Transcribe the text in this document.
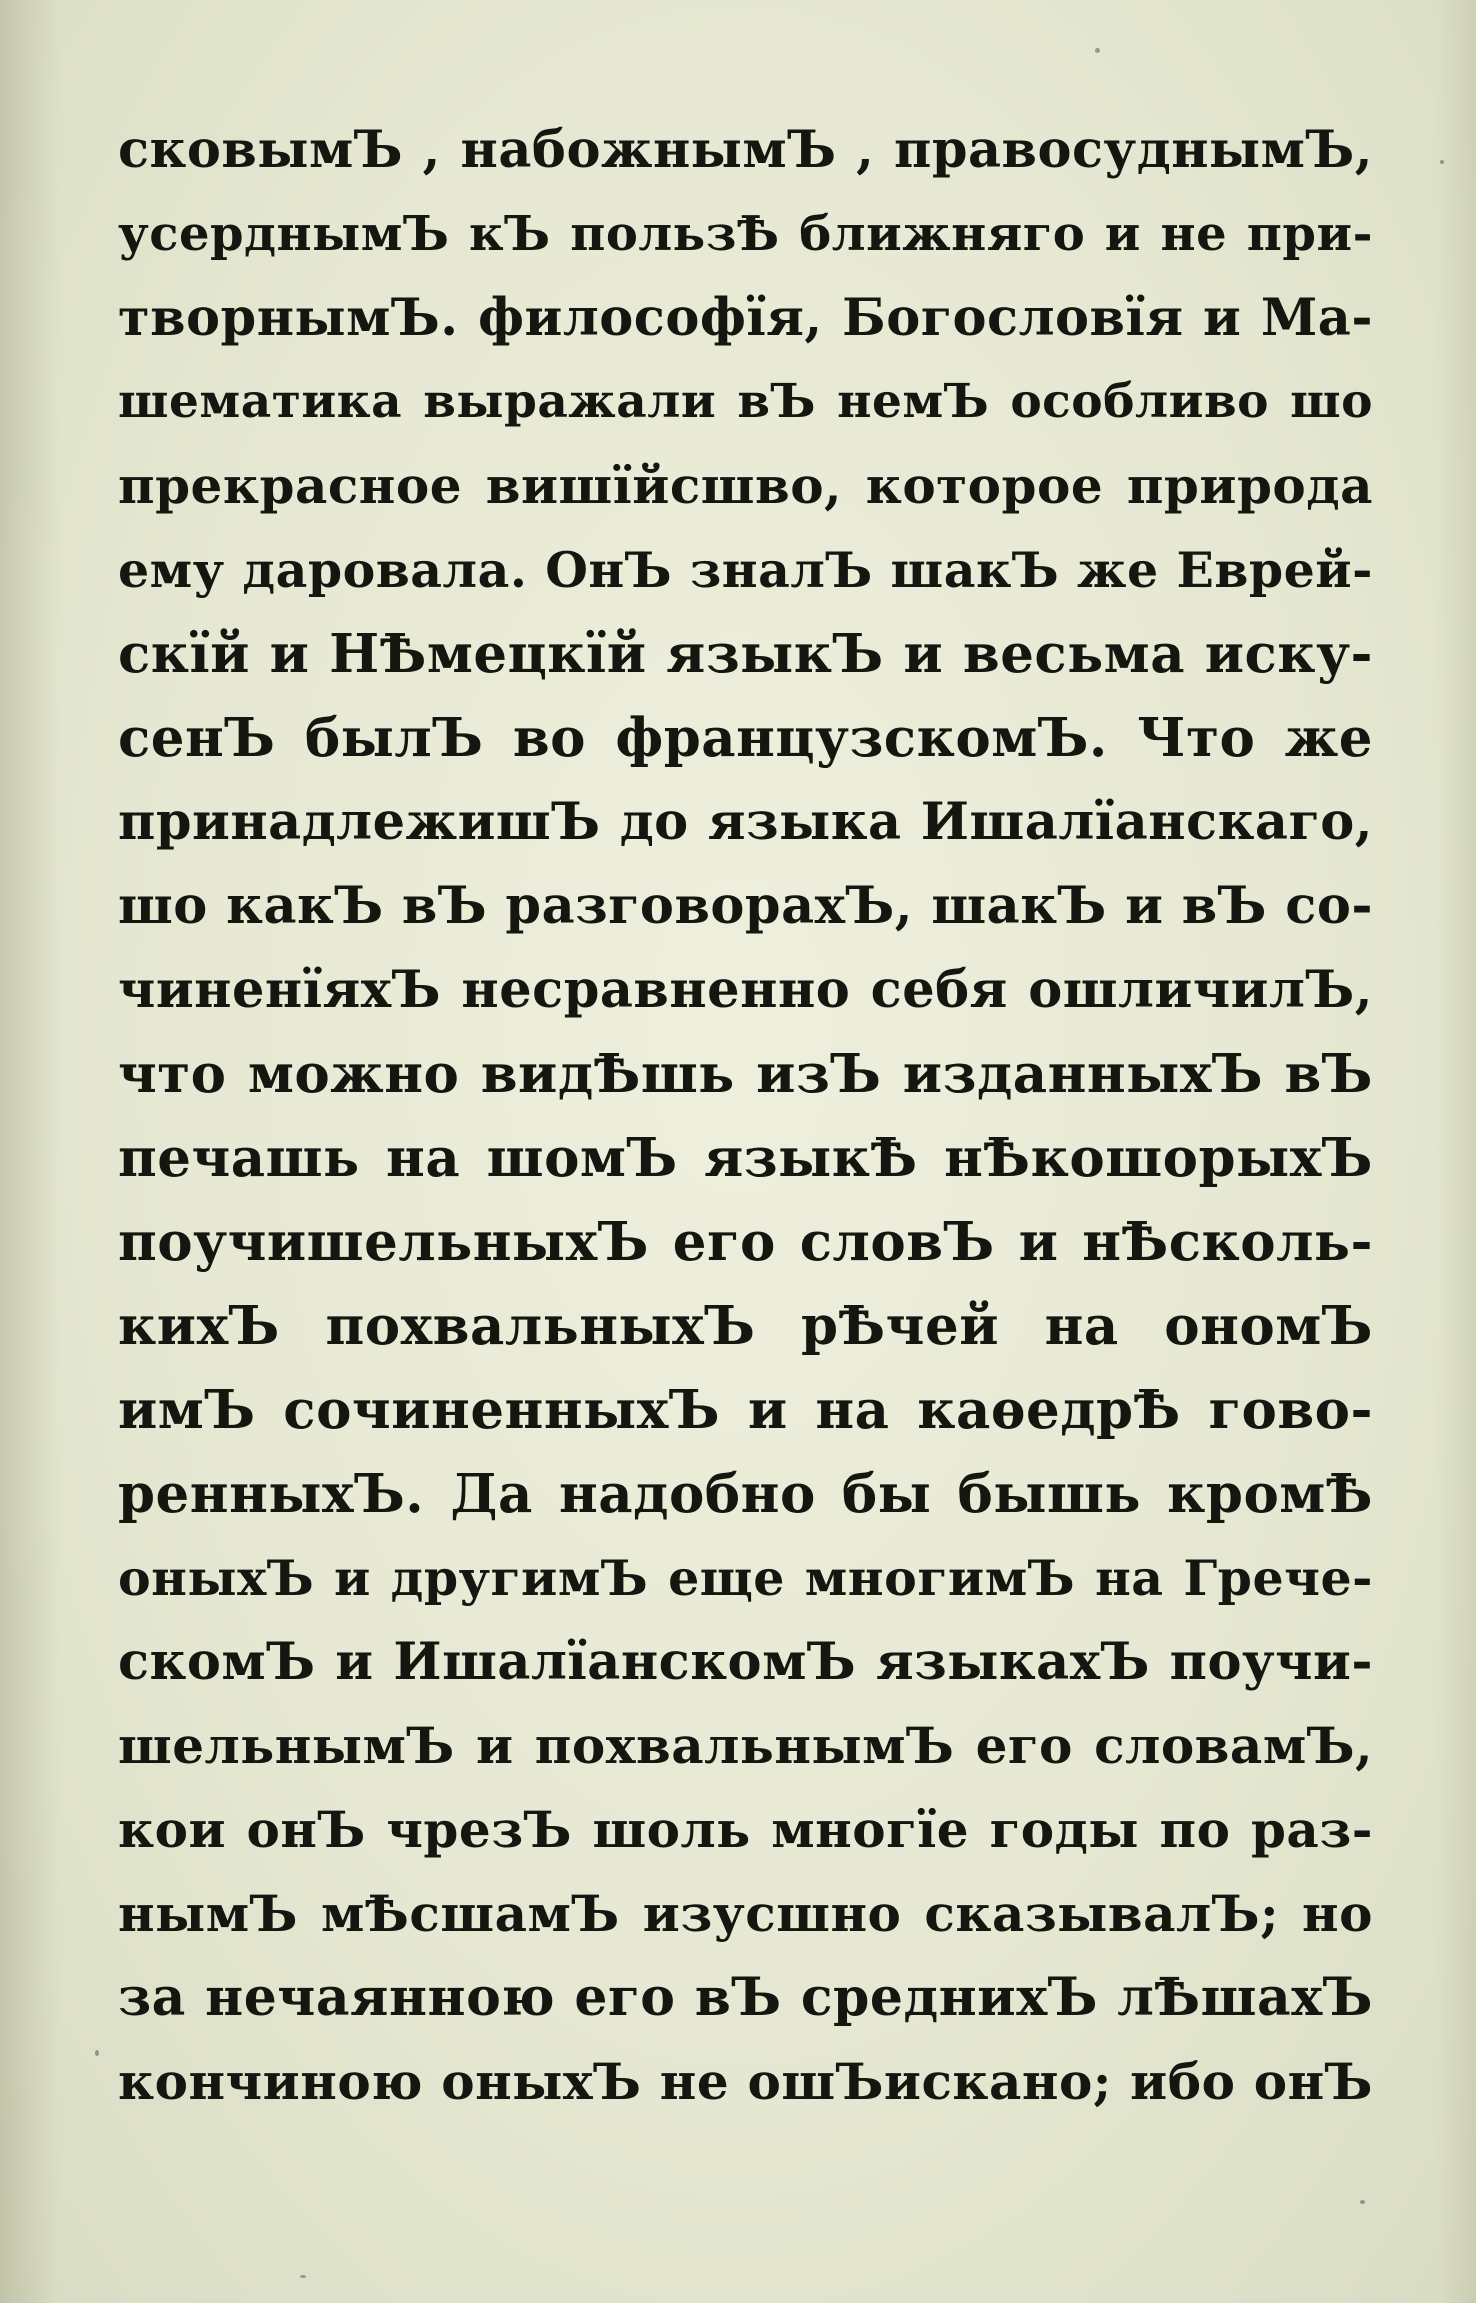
сковымЪ , набожнымЪ , правосуднымЪ,
усерднымЪ кЪ пользѢ ближняго и не при-
творнымЪ. философїя, Богословїя и Ма-
шематика выражали вЪ немЪ особливо шо
прекрасное вишїйсшво, которое природа
ему даровала. ОнЪ зналЪ шакЪ же Еврей-
скїй и НѢмецкїй языкЪ и весьма иску-
сенЪ былЪ во французскомЪ. Что же
принадлежишЪ до языка Ишалїанскаго,
шо какЪ вЪ разговорахЪ, шакЪ и вЪ со-
чиненїяхЪ несравненно себя ошличилЪ,
что можно видѢшь изЪ изданныхЪ вЪ
печашь на шомЪ языкѢ нѢкошорыхЪ
поучишельныхЪ его словЪ и нѢсколь-
кихЪ похвальныхЪ рѢчей на ономЪ
имЪ сочиненныхЪ и на каѳедрѢ гово-
ренныхЪ. Да надобно бы бышь кромѢ
оныхЪ и другимЪ еще многимЪ на Грече-
скомЪ и ИшалїанскомЪ языкахЪ поучи-
шельнымЪ и похвальнымЪ его словамЪ,
кои онЪ чрезЪ шоль многїе годы по раз-
нымЪ мѢсшамЪ изусшно сказывалЪ; но
за нечаянною его вЪ среднихЪ лѢшахЪ
кончиною оныхЪ не ошЪискано; ибо онЪ
